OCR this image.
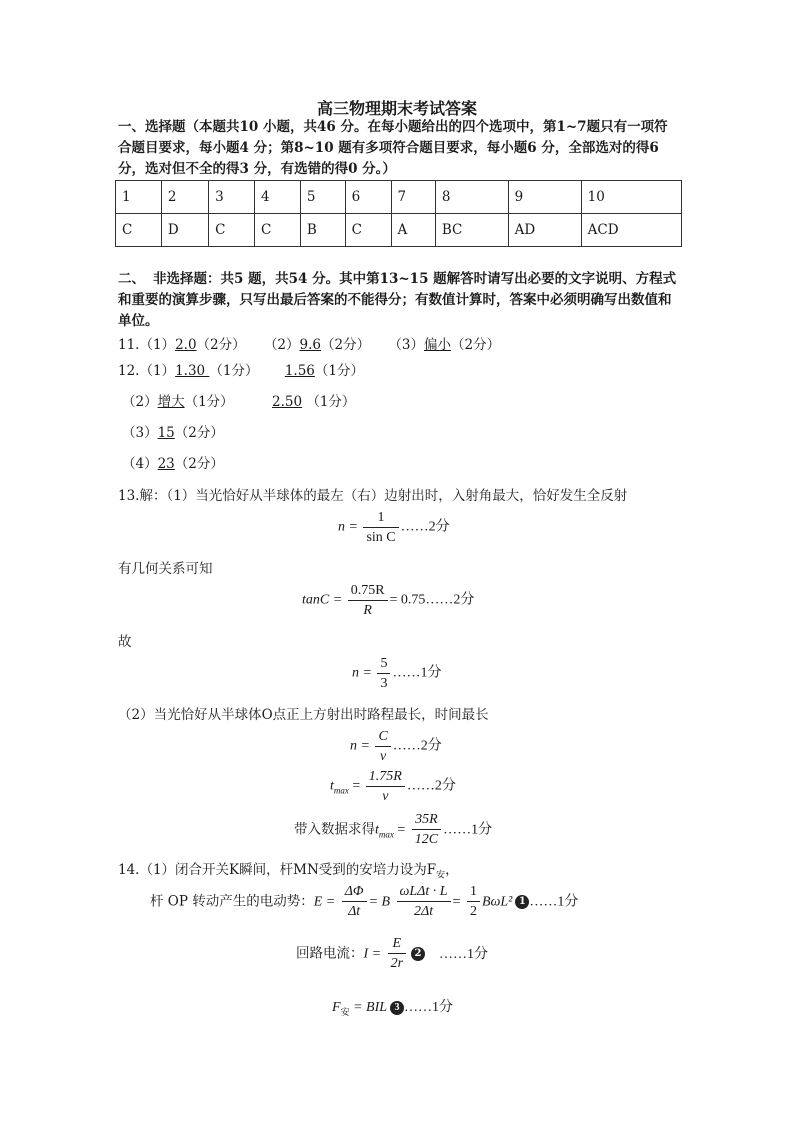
高三物理期末考试答案
一、选择题（本题共10 小题，共46 分。在每小题给出的四个选项中，第1~7题只有一项符合题目要求，每小题4 分；第8~10 题有多项符合题目要求，每小题6 分，全部选对的得6 分，选对但不全的得3 分，有选错的得0 分。）
1	2	3	4	5	6	7	8	9	10
C	D	C	C	B	C	A	BC	AD	ACD
二、 非选择题：共5 题，共54 分。其中第13~15 题解答时请写出必要的文字说明、方程式和重要的演算步骤，只写出最后答案的不能得分；有数值计算时，答案中必须明确写出数值和单位。
11.（1）2.0（2分） （2）9.6（2分） （3）偏小（2分）
12.（1）1.30 （1分） 1.56（1分）
（2）增大（1分）	2.50 （1分）
（3）15（2分）
（4）23（2分）
13.解：（1）当光恰好从半球体的最左（右）边射出时，入射角最大，恰好发生全反射
$n = \frac{1}{\text{sin C}}$ ……2分
有几何关系可知
$\tan C = \frac{0.75R}{R}$ = 0.75……2分
故
$n = \frac{5}{3}$ ……1分
（2）当光恰好从半球体O点正上方射出时路程最长，时间最长
$n = \frac{C}{v}$ ……2分
$t_{max} = \frac{1.75R}{v}$ ……2分
带入数据求得$t_{max} = \frac{35R}{12C}$ ……1分
14.（1）闭合开关K瞬间，杆MN受到的安培力设为$F_安$，
杆 OP 转动产生的电动势：$E = \frac{\Delta\Phi}{\Delta t} = B \frac{\text{ωLΔt · L}}{2\Delta t} = \frac{1}{2} B\omega L^2$ 1 ……1分
回路电流：$I = \frac{E}{2r} 2$ ……1分
$F_安$ = BIL 3 ……1分
